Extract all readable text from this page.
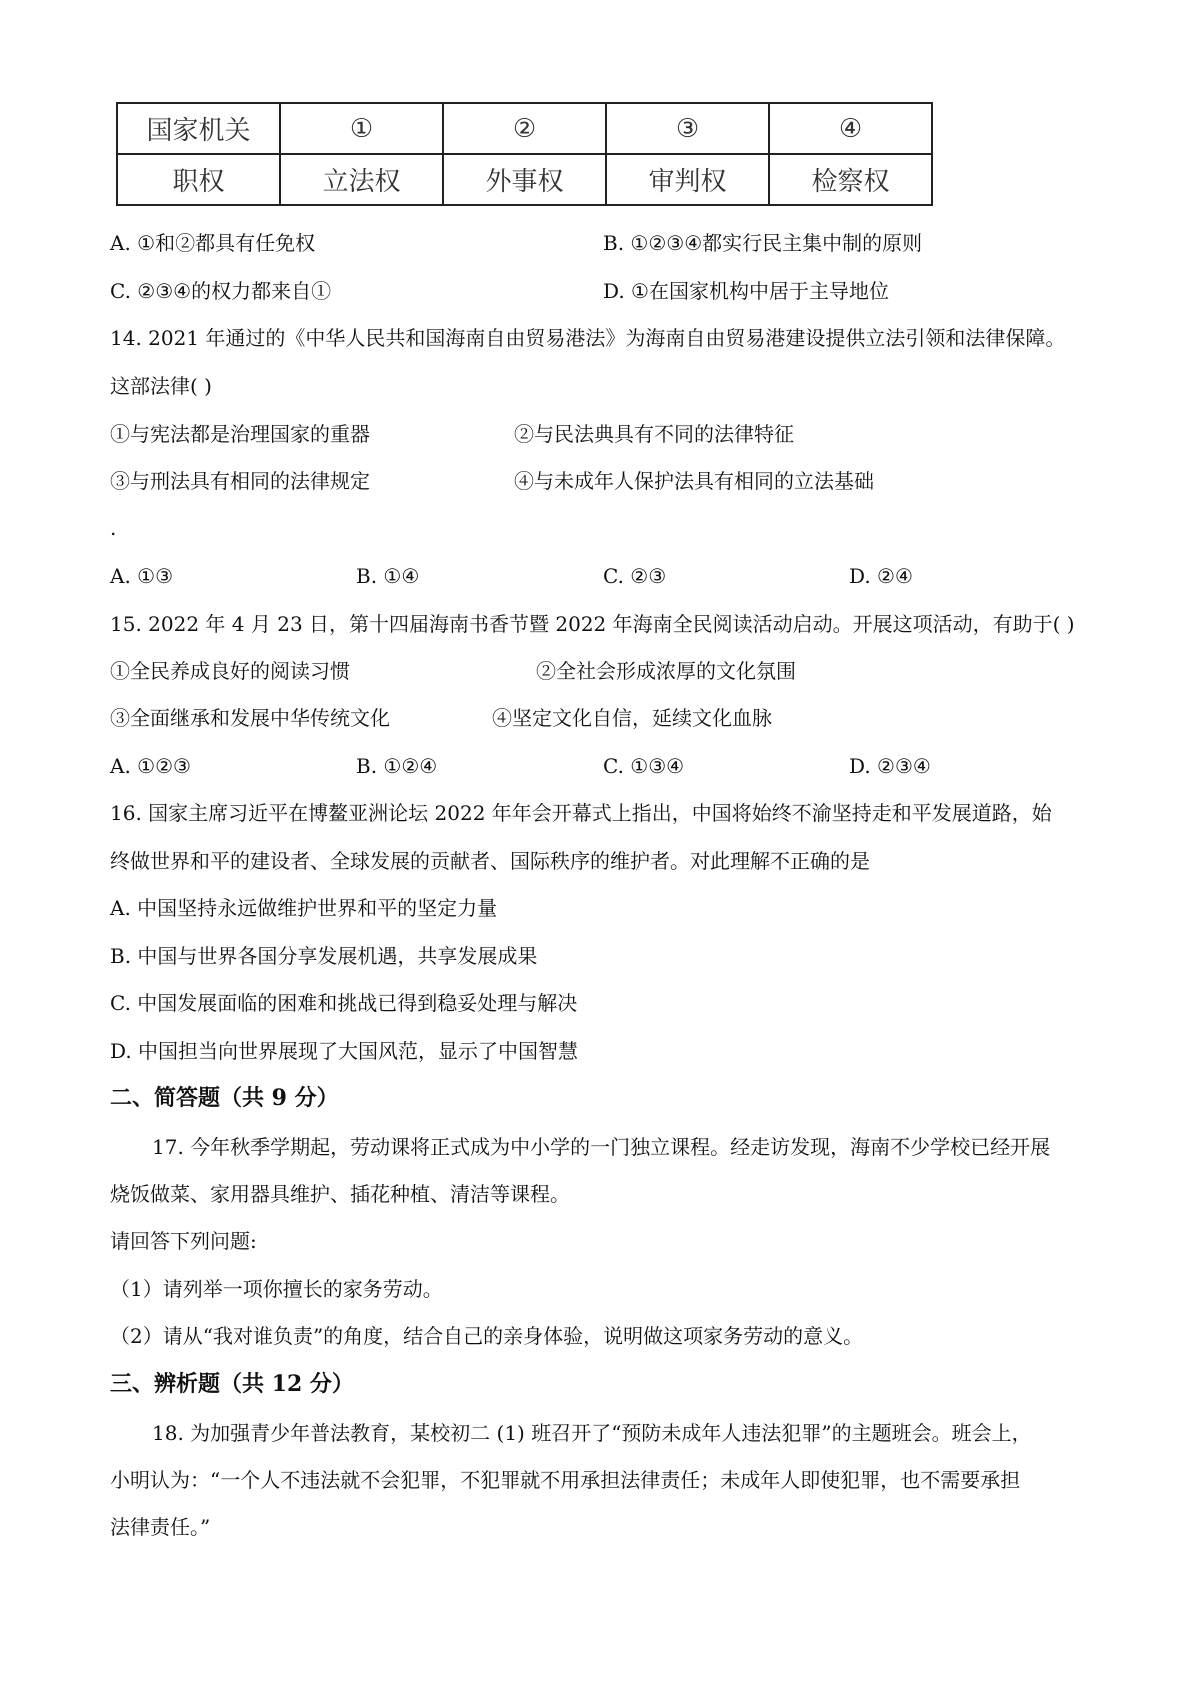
国家机关	①	②	③	④
职权	立法权	外事权	审判权	检察权
A. ①和②都具有任免权	B. ①②③④都实行民主集中制的原则
C. ②③④的权力都来自①	D. ①在国家机构中居于主导地位
14. 2021 年通过的《中华人民共和国海南自由贸易港法》为海南自由贸易港建设提供立法引领和法律保障。
这部法律( )
①与宪法都是治理国家的重器	②与民法典具有不同的法律特征
③与刑法具有相同的法律规定	④与未成年人保护法具有相同的立法基础
.
A. ①③	B. ①④	C. ②③	D. ②④
15. 2022 年 4 月 23 日，第十四届海南书香节暨 2022 年海南全民阅读活动启动。开展这项活动，有助于( )
①全民养成良好的阅读习惯	②全社会形成浓厚的文化氛围
③全面继承和发展中华传统文化	④坚定文化自信，延续文化血脉
A. ①②③	B. ①②④	C. ①③④	D. ②③④
16. 国家主席习近平在博鳌亚洲论坛 2022 年年会开幕式上指出，中国将始终不渝坚持走和平发展道路，始
终做世界和平的建设者、全球发展的贡献者、国际秩序的维护者。对此理解不正确的是
A. 中国坚持永远做维护世界和平的坚定力量
B. 中国与世界各国分享发展机遇，共享发展成果
C. 中国发展面临的困难和挑战已得到稳妥处理与解决
D. 中国担当向世界展现了大国风范，显示了中国智慧
二、简答题（共 9 分）
17. 今年秋季学期起，劳动课将正式成为中小学的一门独立课程。经走访发现，海南不少学校已经开展
烧饭做菜、家用器具维护、插花种植、清洁等课程。
请回答下列问题:
（1）请列举一项你擅长的家务劳动。
（2）请从“我对谁负责”的角度，结合自己的亲身体验，说明做这项家务劳动的意义。
三、辨析题（共 12 分）
18. 为加强青少年普法教育，某校初二 (1) 班召开了“预防未成年人违法犯罪”的主题班会。班会上，
小明认为：“一个人不违法就不会犯罪，不犯罪就不用承担法律责任；未成年人即使犯罪，也不需要承担
法律责任。”
